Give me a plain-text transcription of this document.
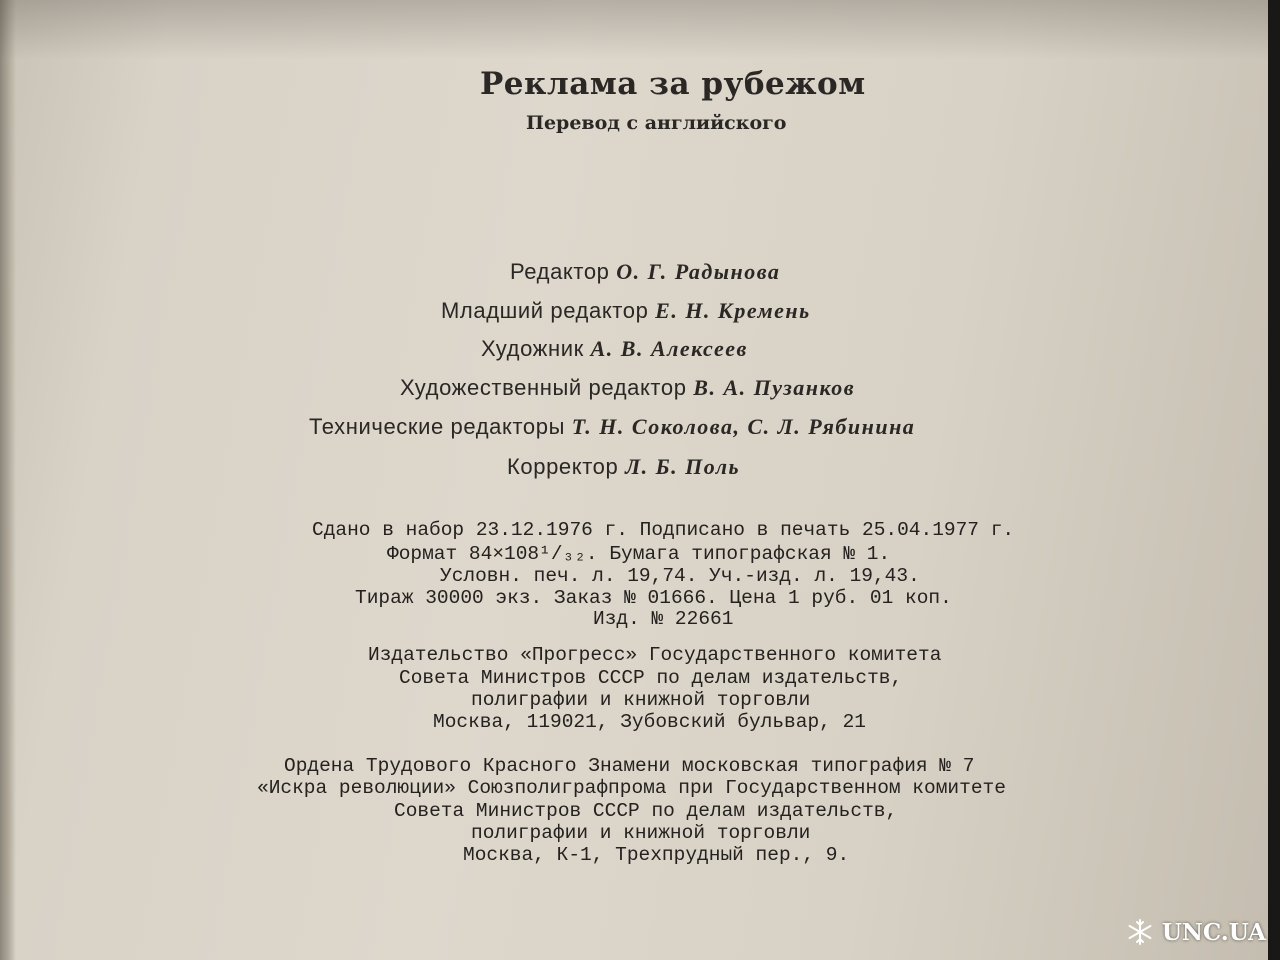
Реклама за рубежом
Перевод с английского
Редактор О. Г. Радынова
Младший редактор Е. Н. Кремень
Художник А. В. Алексеев
Художественный редактор В. А. Пузанков
Технические редакторы Т. Н. Соколова, С. Л. Рябинина
Корректор Л. Б. Поль
Сдано в набор 23.12.1976 г. Подписано в печать 25.04.1977 г.
Формат 84×108¹/₃₂. Бумага типографская № 1.
Условн. печ. л. 19,74. Уч.-изд. л. 19,43.
Тираж 30000 экз. Заказ № 01666. Цена 1 руб. 01 коп.
Изд. № 22661
Издательство «Прогресс» Государственного комитета
Совета Министров СССР по делам издательств,
полиграфии и книжной торговли
Москва, 119021, Зубовский бульвар, 21
Ордена Трудового Красного Знамени московская типография № 7
«Искра революции» Союзполиграфпрома при Государственном комитете
Совета Министров СССР по делам издательств,
полиграфии и книжной торговли
Москва, К-1, Трехпрудный пер., 9.
UNC.UA
